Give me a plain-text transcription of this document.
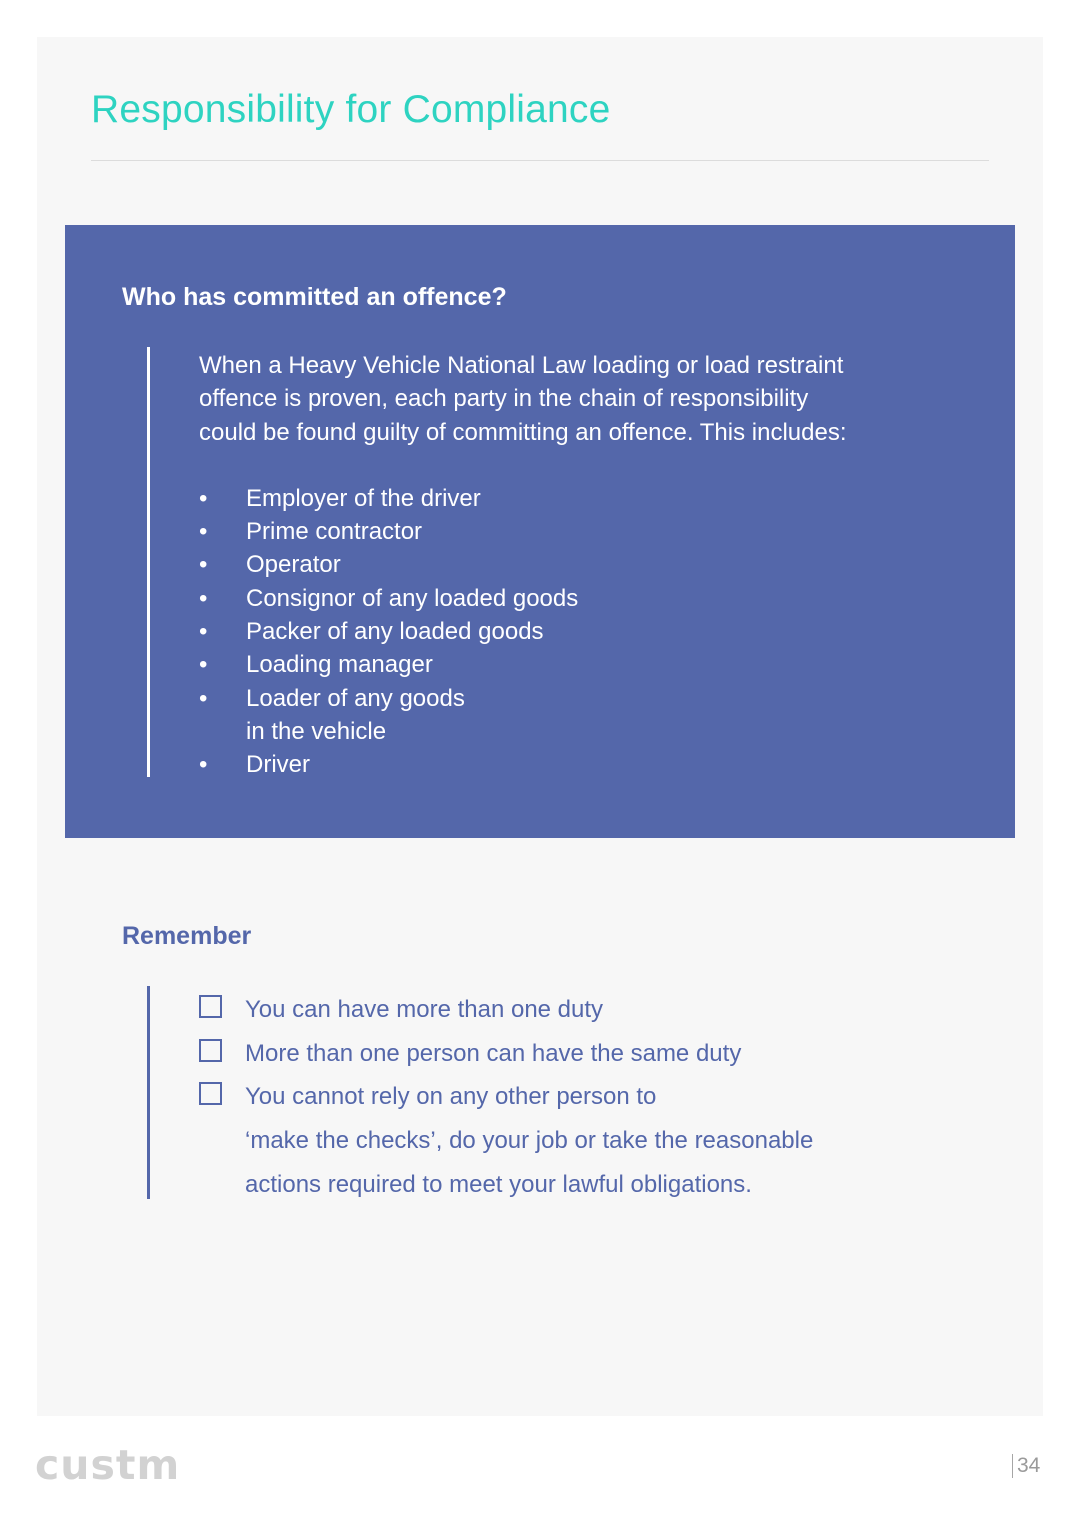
Responsibility for Compliance
Who has committed an offence?

When a Heavy Vehicle National Law loading or load restraint
offence is proven, each party in the chain of responsibility
could be found guilty of committing an offence. This includes:

• Employer of the driver
• Prime contractor
• Operator
• Consignor of any loaded goods
• Packer of any loaded goods
• Loading manager
• Loader of any goods
in the vehicle
• Driver
Remember
You can have more than one duty
More than one person can have the same duty
You cannot rely on any other person to
‘make the checks’, do your job or take the reasonable
actions required to meet your lawful obligations.
custm	34
